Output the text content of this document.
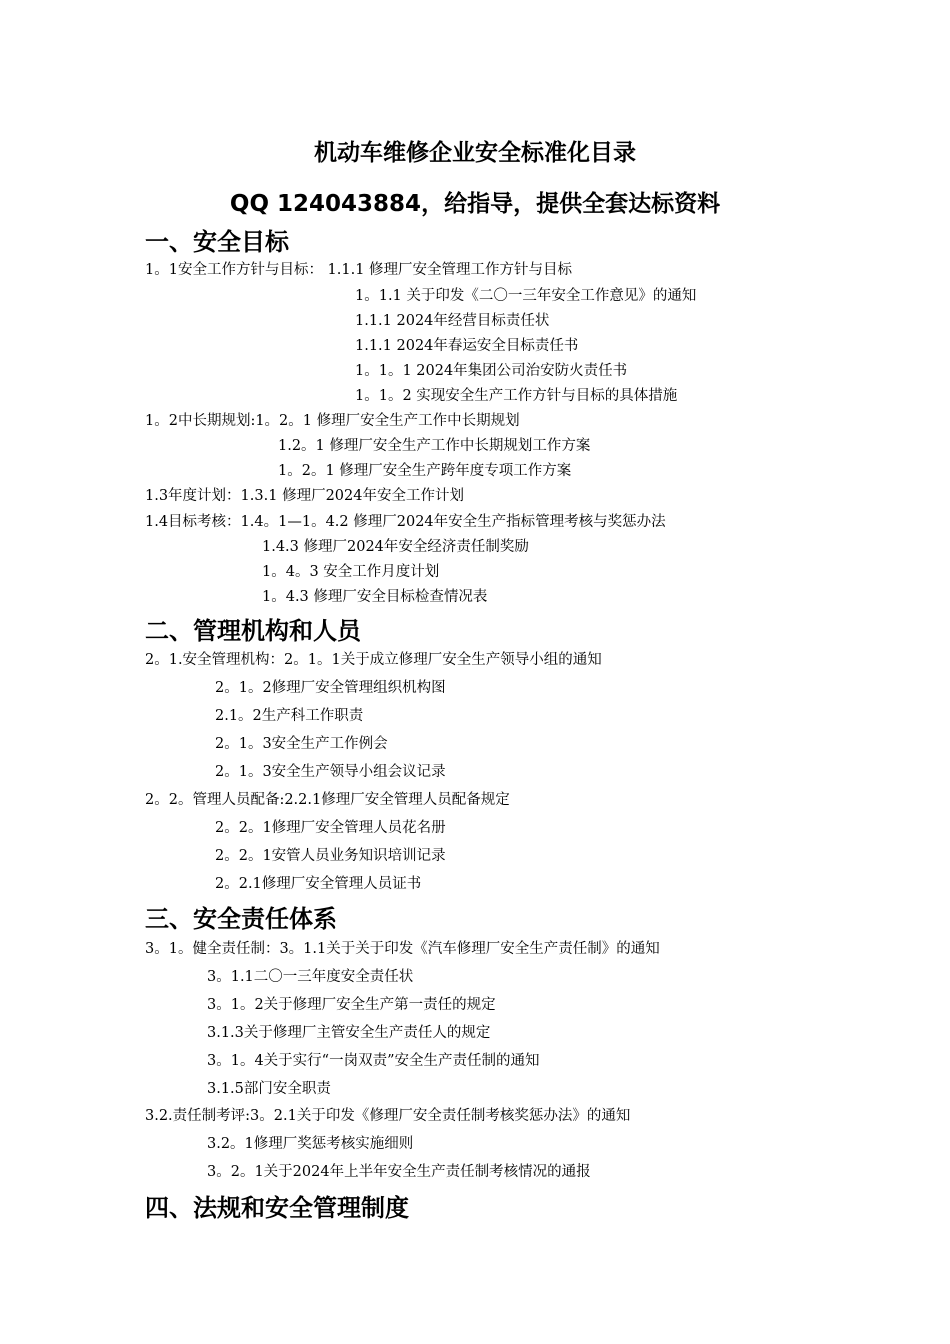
机动车维修企业安全标准化目录
QQ 124043884，给指导，提供全套达标资料
一、安全目标
1。1安全工作方针与目标： 1.1.1 修理厂安全管理工作方针与目标
1。1.1 关于印发《二〇一三年安全工作意见》的通知
1.1.1 2024年经营目标责任状
1.1.1 2024年春运安全目标责任书
1。1。1 2024年集团公司治安防火责任书
1。1。2 实现安全生产工作方针与目标的具体措施
1。2中长期规划:1。2。1 修理厂安全生产工作中长期规划
1.2。1 修理厂安全生产工作中长期规划工作方案
1。2。1 修理厂安全生产跨年度专项工作方案
1.3年度计划：1.3.1 修理厂2024年安全工作计划
1.4目标考核：1.4。1—1。4.2 修理厂2024年安全生产指标管理考核与奖惩办法
1.4.3 修理厂2024年安全经济责任制奖励
1。4。3 安全工作月度计划
1。4.3 修理厂安全目标检查情况表
二、管理机构和人员
2。1.安全管理机构：2。1。1关于成立修理厂安全生产领导小组的通知
2。1。2修理厂安全管理组织机构图
2.1。2生产科工作职责
2。1。3安全生产工作例会
2。1。3安全生产领导小组会议记录
2。2。管理人员配备:2.2.1修理厂安全管理人员配备规定
2。2。1修理厂安全管理人员花名册
2。2。1安管人员业务知识培训记录
2。2.1修理厂安全管理人员证书
三、安全责任体系
3。1。健全责任制：3。1.1关于关于印发《汽车修理厂安全生产责任制》的通知
3。1.1二〇一三年度安全责任状
3。1。2关于修理厂安全生产第一责任的规定
3.1.3关于修理厂主管安全生产责任人的规定
3。1。4关于实行“一岗双责”安全生产责任制的通知
3.1.5部门安全职责
3.2.责任制考评:3。2.1关于印发《修理厂安全责任制考核奖惩办法》的通知
3.2。1修理厂奖惩考核实施细则
3。2。1关于2024年上半年安全生产责任制考核情况的通报
四、法规和安全管理制度
